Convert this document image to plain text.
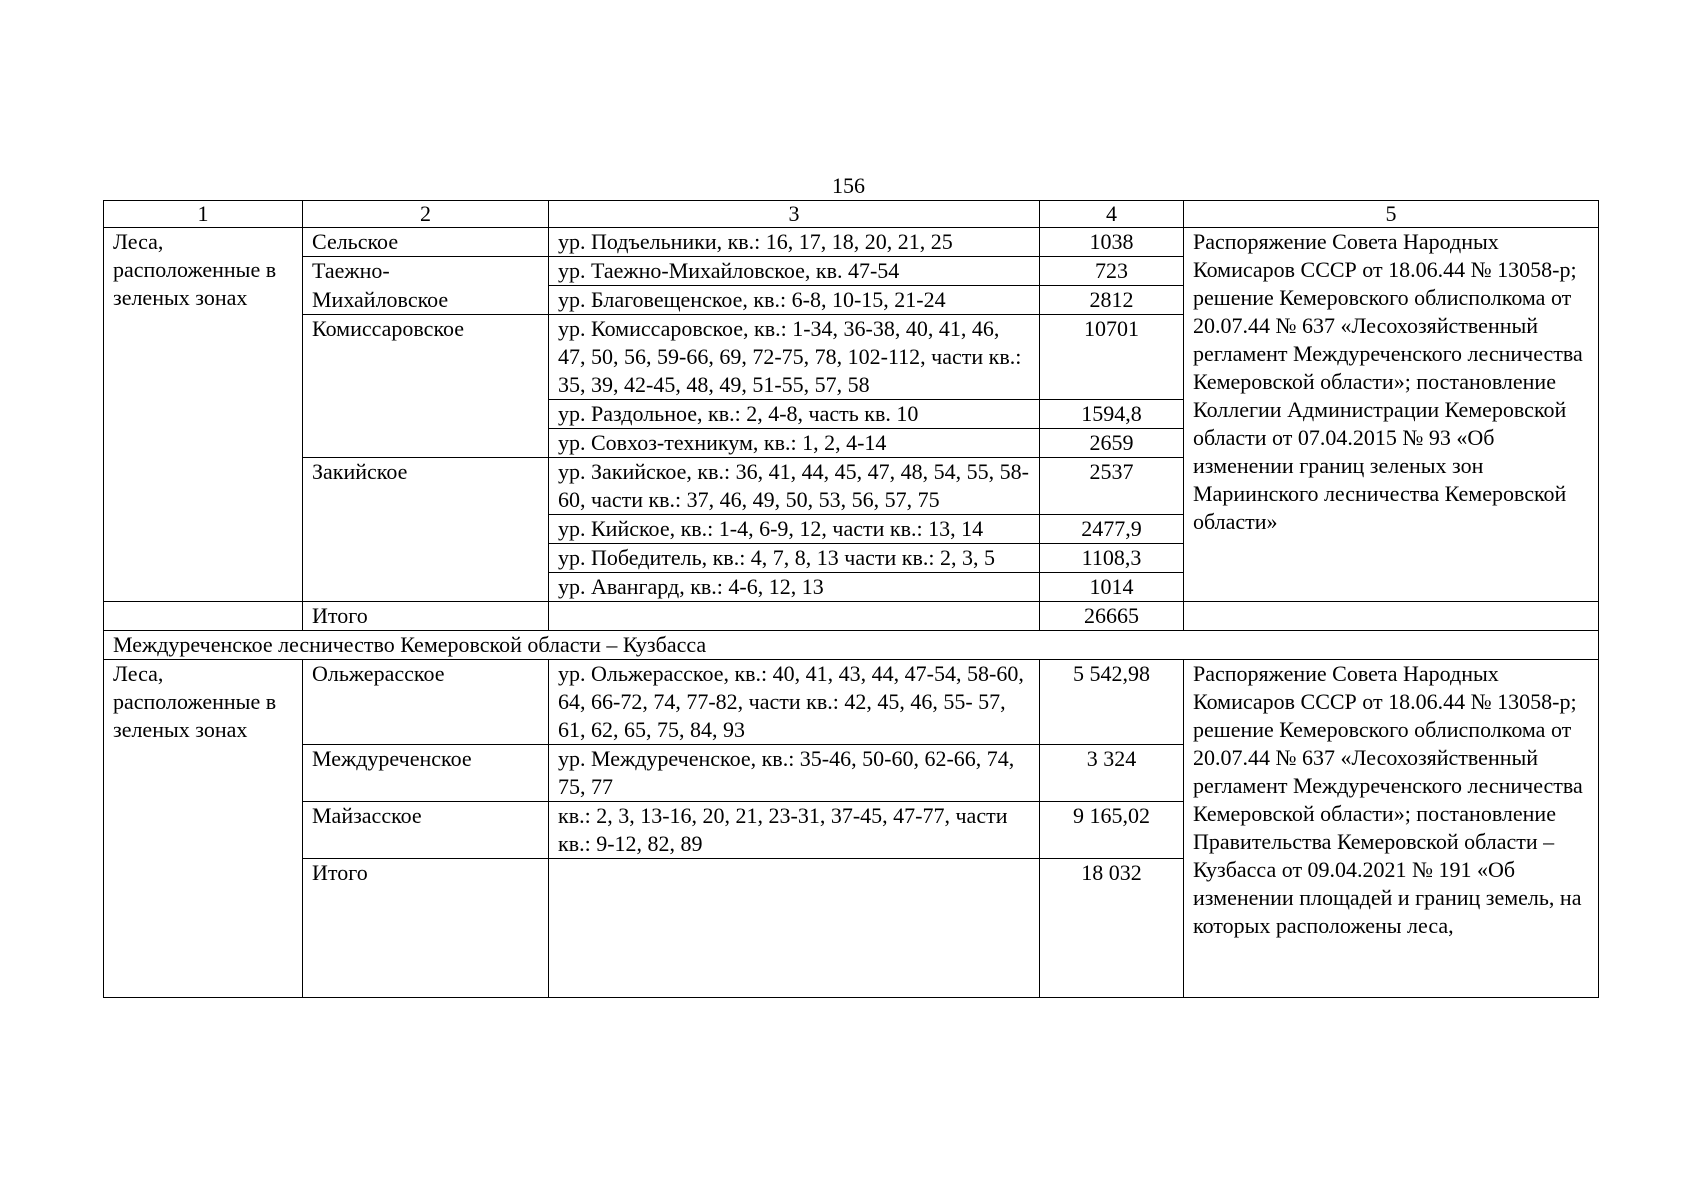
156
1	2	3	4	5
Леса, расположенные в зеленых зонах	Сельское	ур. Подъельники, кв.: 16, 17, 18, 20, 21, 25	1038	Распоряжение Совета Народных Комисаров СССР от 18.06.44 № 13058-р; решение Кемеровского облисполкома от 20.07.44 № 637 «Лесохозяйственный регламент Междуреченского лесничества Кемеровской области»; постановление Коллегии Администрации Кемеровской области от 07.04.2015 № 93 «Об изменении границ зеленых зон Мариинского лесничества Кемеровской области»
	Таежно-	ур. Таежно-Михайловское, кв. 47-54	723	
	Михайловское	ур. Благовещенское, кв.: 6-8, 10-15, 21-24	2812	
	Комиссаровское	ур. Комиссаровское, кв.: 1-34, 36-38, 40, 41, 46, 47, 50, 56, 59-66, 69, 72-75, 78, 102-112, части кв.: 35, 39, 42-45, 48, 49, 51-55, 57, 58	10701	
		ур. Раздольное, кв.: 2, 4-8, часть кв. 10	1594,8	
		ур. Совхоз-техникум, кв.: 1, 2, 4-14	2659	
	Закийское	ур. Закийское, кв.: 36, 41, 44, 45, 47, 48, 54, 55, 58-60, части кв.: 37, 46, 49, 50, 53, 56, 57, 75	2537	
		ур. Кийское, кв.: 1-4, 6-9, 12, части кв.: 13, 14	2477,9	
		ур. Победитель, кв.: 4, 7, 8, 13 части кв.: 2, 3, 5	1108,3	
		ур. Авангард, кв.: 4-6, 12, 13	1014	
	Итого		26665	
Междуреченское лесничество Кемеровской области – Кузбасса				
Леса, расположенные в зеленых зонах	Ольжерасское	ур. Ольжерасское, кв.: 40, 41, 43, 44, 47-54, 58-60, 64, 66-72, 74, 77-82, части кв.: 42, 45, 46, 55- 57, 61, 62, 65, 75, 84, 93	5 542,98	Распоряжение Совета Народных Комисаров СССР от 18.06.44 № 13058-р; решение Кемеровского облисполкома от 20.07.44 № 637 «Лесохозяйственный регламент Междуреченского лесничества Кемеровской области»; постановление Правительства Кемеровской области – Кузбасса от 09.04.2021 № 191 «Об изменении площадей и границ земель, на которых расположены леса,
	Междуреченское	ур. Междуреченское, кв.: 35-46, 50-60, 62-66, 74, 75, 77	3 324	
	Майзасское	кв.: 2, 3, 13-16, 20, 21, 23-31, 37-45, 47-77, части кв.: 9-12, 82, 89	9 165,02	
	Итого		18 032	
